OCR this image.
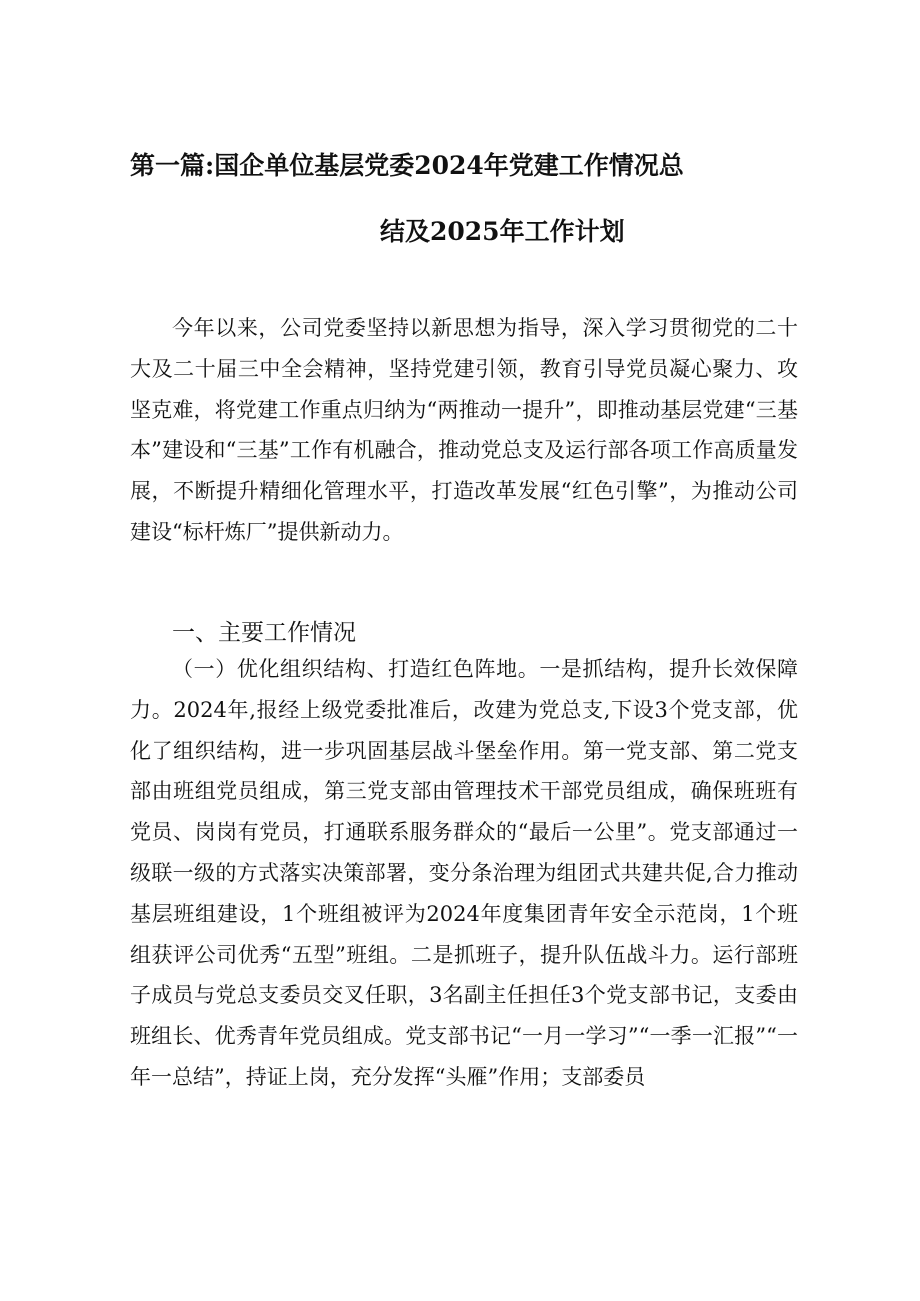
第一篇:国企单位基层党委2024年党建工作情况总
结及2025年工作计划

今年以来，公司党委坚持以新思想为指导，深入学习贯彻党的二十大及二十届三中全会精神，坚持党建引领，教育引导党员凝心聚力、攻坚克难，将党建工作重点归纳为“两推动一提升”，即推动基层党建“三基本”建设和“三基”工作有机融合，推动党总支及运行部各项工作高质量发展，不断提升精细化管理水平，打造改革发展“红色引擎”，为推动公司建设“标杆炼厂”提供新动力。

一、主要工作情况

（一）优化组织结构、打造红色阵地。一是抓结构，提升长效保障力。2024年,报经上级党委批准后，改建为党总支,下设3个党支部，优化了组织结构，进一步巩固基层战斗堡垒作用。第一党支部、第二党支部由班组党员组成，第三党支部由管理技术干部党员组成，确保班班有党员、岗岗有党员，打通联系服务群众的“最后一公里”。党支部通过一级联一级的方式落实决策部署，变分条治理为组团式共建共促,合力推动基层班组建设，1个班组被评为2024年度集团青年安全示范岗，1个班组获评公司优秀“五型”班组。二是抓班子，提升队伍战斗力。运行部班子成员与党总支委员交叉任职，3名副主任担任3个党支部书记，支委由班组长、优秀青年党员组成。党支部书记“一月一学习”“一季一汇报”“一年一总结”，持证上岗，充分发挥“头雁”作用；支部委员
